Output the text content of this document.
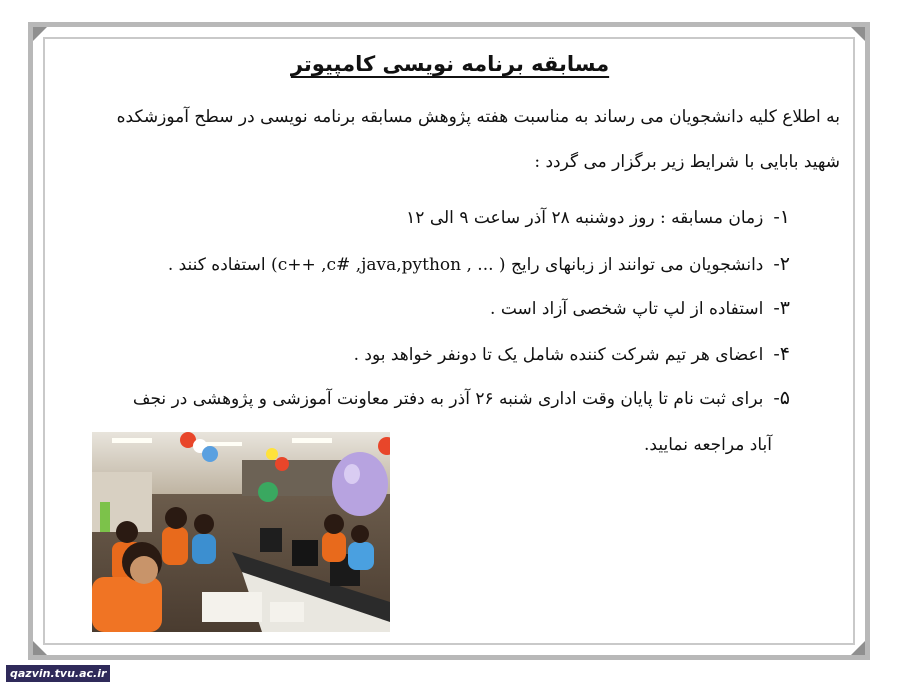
مسابقه برنامه نویسی کامپیوتر
به اطلاع کلیه دانشجویان می رساند به مناسبت هفته پژوهش مسابقه برنامه نویسی در سطح آموزشکده
شهید بابایی با شرایط زیر برگزار می گردد :
۱-زمان مسابقه : روز دوشنبه ۲۸ آذر ساعت ۹ الی ۱۲
۲-دانشجویان می توانند از زبانهای رایج ( ... , c++ ,c# ,java,python) استفاده کنند .
۳-استفاده از لپ تاپ شخصی آزاد است .
۴-اعضای هر تیم شرکت کننده شامل یک تا دونفر خواهد بود .
۵-برای ثبت نام تا پایان وقت اداری شنبه ۲۶ آذر به دفتر معاونت آموزشی و پژوهشی در نجف
آباد مراجعه نمایید.
qazvin.tvu.ac.ir
